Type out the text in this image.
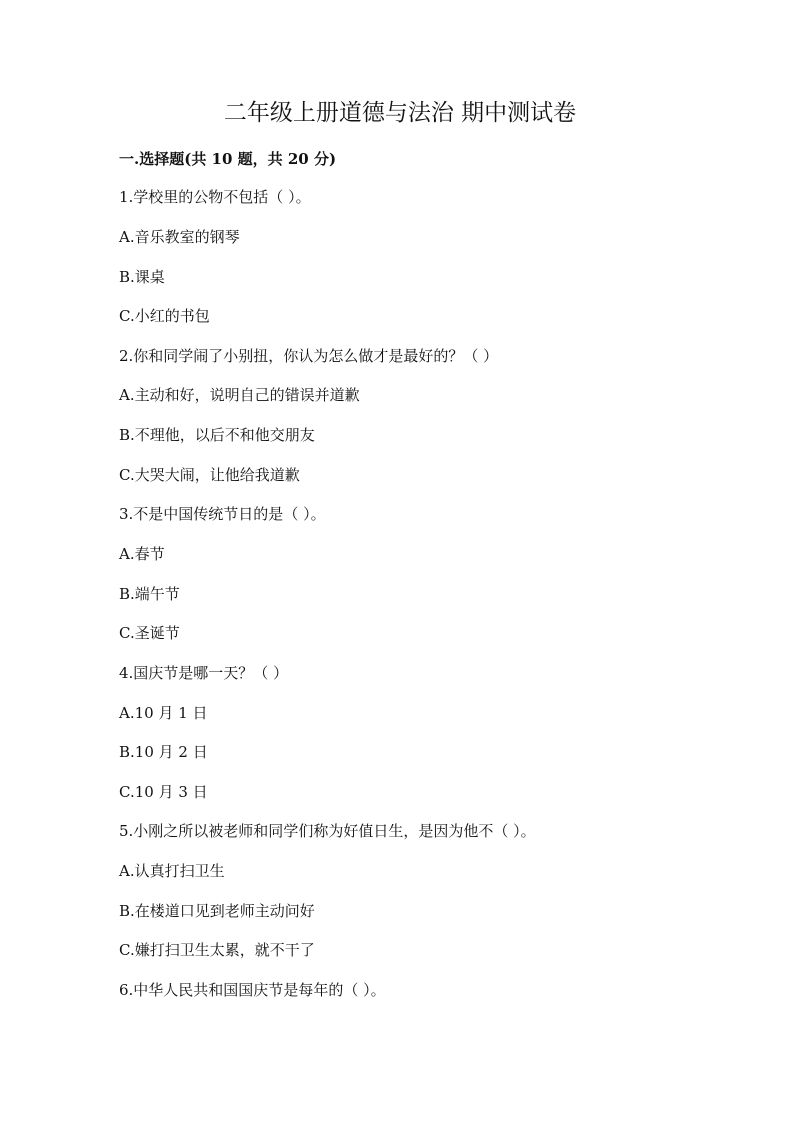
二年级上册道德与法治 期中测试卷
一.选择题(共 10 题，共 20 分)
1.学校里的公物不包括（ ）。
A.音乐教室的钢琴
B.课桌
C.小红的书包
2.你和同学闹了小别扭，你认为怎么做才是最好的？（ ）
A.主动和好，说明自己的错误并道歉
B.不理他，以后不和他交朋友
C.大哭大闹，让他给我道歉
3.不是中国传统节日的是（ ）。
A.春节
B.端午节
C.圣诞节
4.国庆节是哪一天？（ ）
A.10 月 1 日
B.10 月 2 日
C.10 月 3 日
5.小刚之所以被老师和同学们称为好值日生，是因为他不（ ）。
A.认真打扫卫生
B.在楼道口见到老师主动问好
C.嫌打扫卫生太累，就不干了
6.中华人民共和国国庆节是每年的（ ）。
